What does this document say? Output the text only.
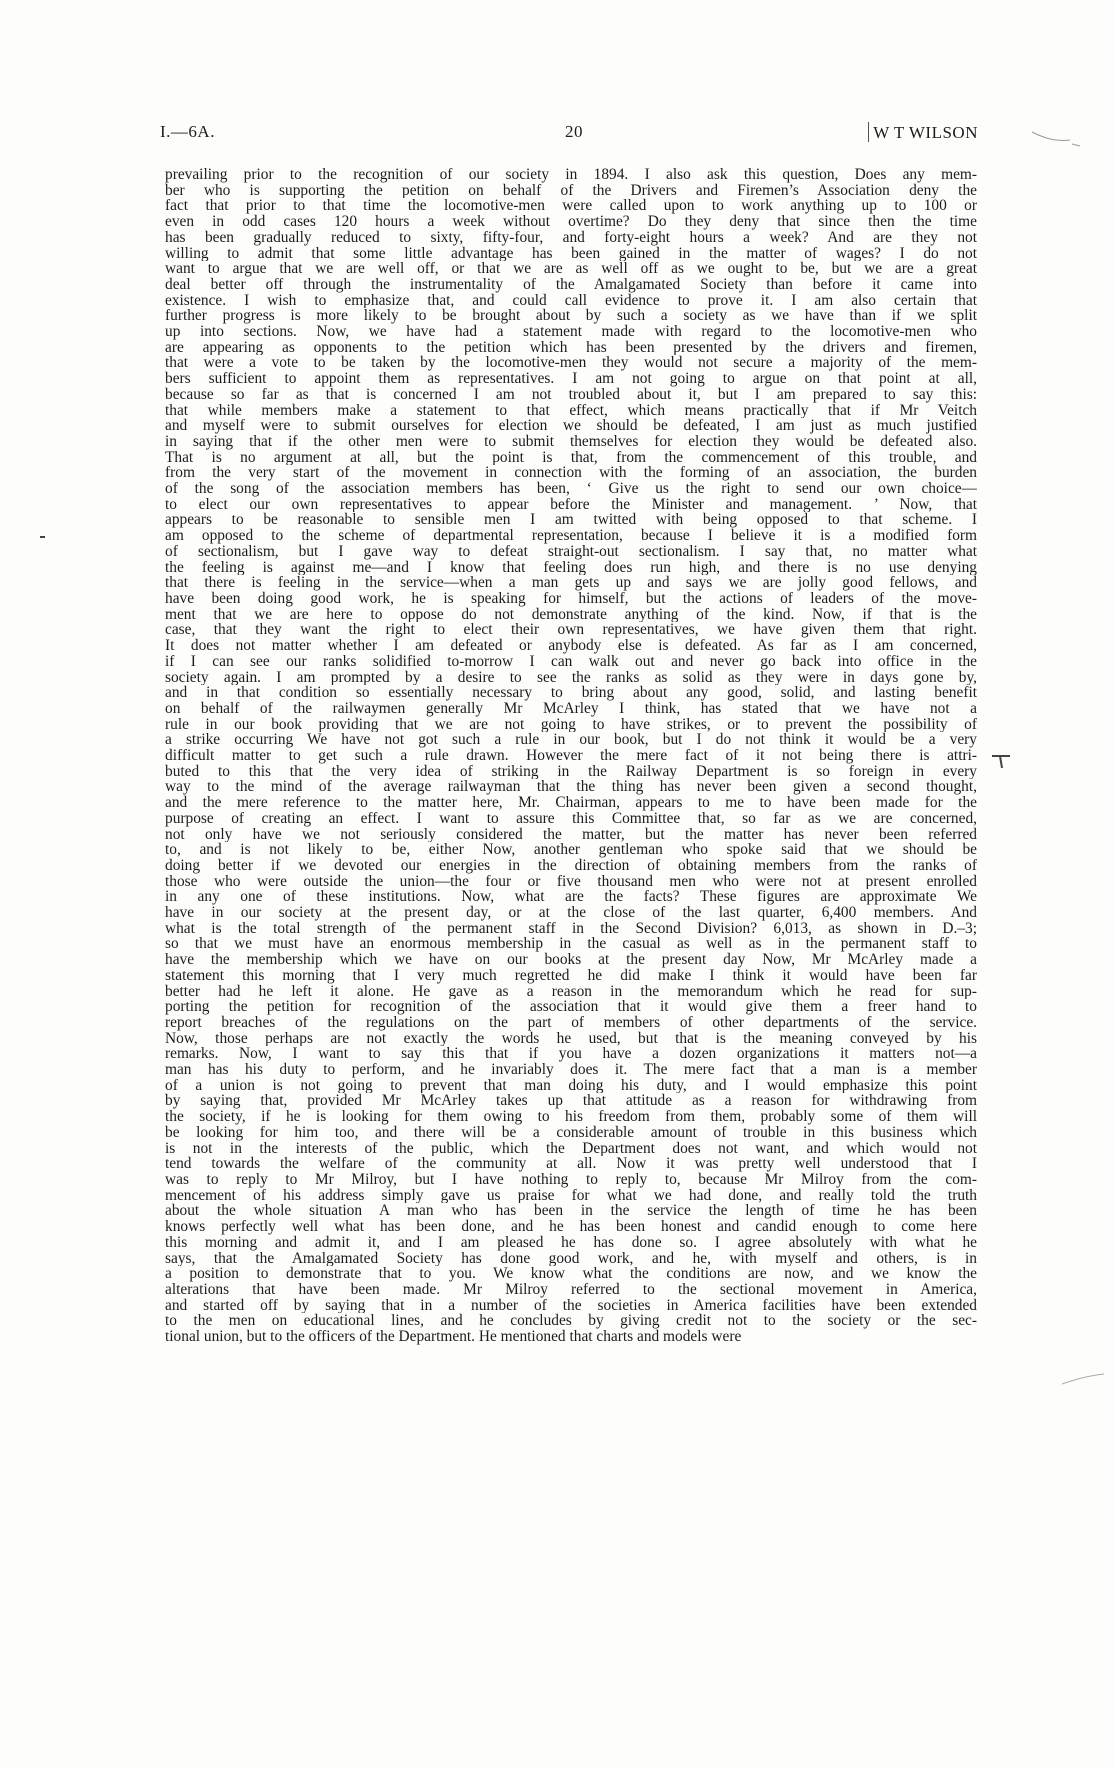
I.—6A.	20	W T WILSON
prevailing prior to the recognition of our society in 1894. I also ask this question, Does any mem-
ber who is supporting the petition on behalf of the Drivers and Firemen’s Association deny the
fact that prior to that time the locomotive-men were called upon to work anything up to 100 or
even in odd cases 120 hours a week without overtime? Do they deny that since then the time
has been gradually reduced to sixty, fifty-four, and forty-eight hours a week? And are they not
willing to admit that some little advantage has been gained in the matter of wages? I do not
want to argue that we are well off, or that we are as well off as we ought to be, but we are a great
deal better off through the instrumentality of the Amalgamated Society than before it came into
existence. I wish to emphasize that, and could call evidence to prove it. I am also certain that
further progress is more likely to be brought about by such a society as we have than if we split
up into sections. Now, we have had a statement made with regard to the locomotive-men who
are appearing as opponents to the petition which has been presented by the drivers and firemen,
that were a vote to be taken by the locomotive-men they would not secure a majority of the mem-
bers sufficient to appoint them as representatives. I am not going to argue on that point at all,
because so far as that is concerned I am not troubled about it, but I am prepared to say this:
that while members make a statement to that effect, which means practically that if Mr Veitch
and myself were to submit ourselves for election we should be defeated, I am just as much justified
in saying that if the other men were to submit themselves for election they would be defeated also.
That is no argument at all, but the point is that, from the commencement of this trouble, and
from the very start of the movement in connection with the forming of an association, the burden
of the song of the association members has been, ‘ Give us the right to send our own choice—
to elect our own representatives to appear before the Minister and management. ’ Now, that
appears to be reasonable to sensible men I am twitted with being opposed to that scheme. I
am opposed to the scheme of departmental representation, because I believe it is a modified form
of sectionalism, but I gave way to defeat straight-out sectionalism. I say that, no matter what
the feeling is against me—and I know that feeling does run high, and there is no use denying
that there is feeling in the service—when a man gets up and says we are jolly good fellows, and
have been doing good work, he is speaking for himself, but the actions of leaders of the move-
ment that we are here to oppose do not demonstrate anything of the kind. Now, if that is the
case, that they want the right to elect their own representatives, we have given them that right.
It does not matter whether I am defeated or anybody else is defeated. As far as I am concerned,
if I can see our ranks solidified to-morrow I can walk out and never go back into office in the
society again. I am prompted by a desire to see the ranks as solid as they were in days gone by,
and in that condition so essentially necessary to bring about any good, solid, and lasting benefit
on behalf of the railwaymen generally Mr McArley I think, has stated that we have not a
rule in our book providing that we are not going to have strikes, or to prevent the possibility of
a strike occurring We have not got such a rule in our book, but I do not think it would be a very
difficult matter to get such a rule drawn. However the mere fact of it not being there is attri-
buted to this that the very idea of striking in the Railway Department is so foreign in every
way to the mind of the average railwayman that the thing has never been given a second thought,
and the mere reference to the matter here, Mr. Chairman, appears to me to have been made for the
purpose of creating an effect. I want to assure this Committee that, so far as we are concerned,
not only have we not seriously considered the matter, but the matter has never been referred
to, and is not likely to be, either Now, another gentleman who spoke said that we should be
doing better if we devoted our energies in the direction of obtaining members from the ranks of
those who were outside the union—the four or five thousand men who were not at present enrolled
in any one of these institutions. Now, what are the facts? These figures are approximate We
have in our society at the present day, or at the close of the last quarter, 6,400 members. And
what is the total strength of the permanent staff in the Second Division? 6,013, as shown in D.–3;
so that we must have an enormous membership in the casual as well as in the permanent staff to
have the membership which we have on our books at the present day Now, Mr McArley made a
statement this morning that I very much regretted he did make I think it would have been far
better had he left it alone. He gave as a reason in the memorandum which he read for sup-
porting the petition for recognition of the association that it would give them a freer hand to
report breaches of the regulations on the part of members of other departments of the service.
Now, those perhaps are not exactly the words he used, but that is the meaning conveyed by his
remarks. Now, I want to say this that if you have a dozen organizations it matters not—a
man has his duty to perform, and he invariably does it. The mere fact that a man is a member
of a union is not going to prevent that man doing his duty, and I would emphasize this point
by saying that, provided Mr McArley takes up that attitude as a reason for withdrawing from
the society, if he is looking for them owing to his freedom from them, probably some of them will
be looking for him too, and there will be a considerable amount of trouble in this business which
is not in the interests of the public, which the Department does not want, and which would not
tend towards the welfare of the community at all. Now it was pretty well understood that I
was to reply to Mr Milroy, but I have nothing to reply to, because Mr Milroy from the com-
mencement of his address simply gave us praise for what we had done, and really told the truth
about the whole situation A man who has been in the service the length of time he has been
knows perfectly well what has been done, and he has been honest and candid enough to come here
this morning and admit it, and I am pleased he has done so. I agree absolutely with what he
says, that the Amalgamated Society has done good work, and he, with myself and others, is in
a position to demonstrate that to you. We know what the conditions are now, and we know the
alterations that have been made. Mr Milroy referred to the sectional movement in America,
and started off by saying that in a number of the societies in America facilities have been extended
to the men on educational lines, and he concludes by giving credit not to the society or the sec-
tional union, but to the officers of the Department. He mentioned that charts and models were
